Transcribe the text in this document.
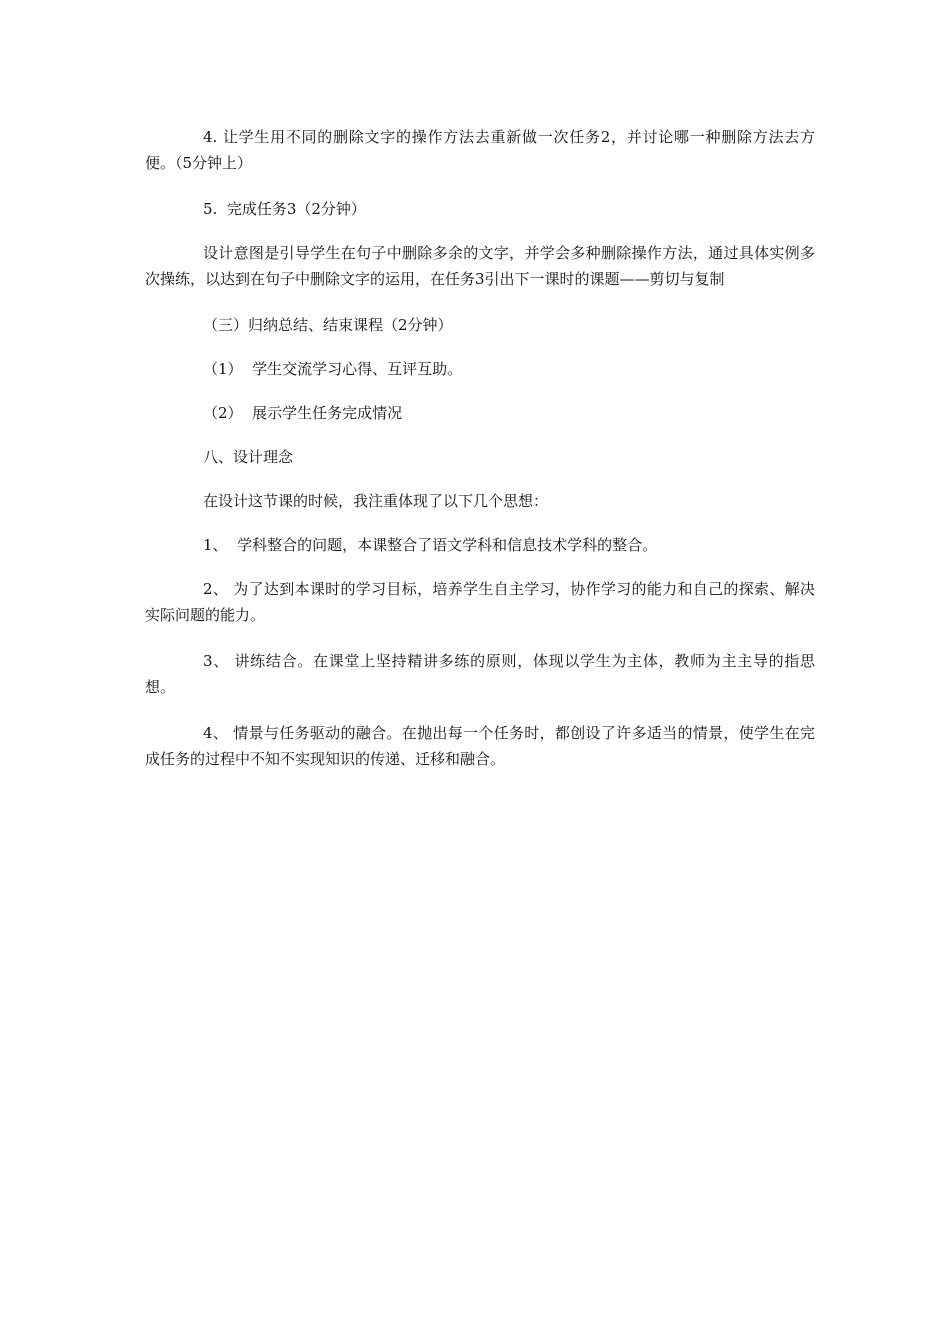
4. 让学生用不同的删除文字的操作方法去重新做一次任务2，并讨论哪一种删除方法去方便。（5分钟上）

5.  完成任务3（2分钟）

设计意图是引导学生在句子中删除多余的文字，并学会多种删除操作方法，通过具体实例多次操练，以达到在句子中删除文字的运用，在任务3引出下一课时的课题——剪切与复制

（三）归纳总结、结束课程（2分钟）

（1）  学生交流学习心得、互评互助。

（2）  展示学生任务完成情况

八、设计理念

在设计这节课的时候，我注重体现了以下几个思想：

1、  学科整合的问题，本课整合了语文学科和信息技术学科的整合。

2、 为了达到本课时的学习目标，培养学生自主学习，协作学习的能力和自己的探索、解决实际问题的能力。

3、 讲练结合。在课堂上坚持精讲多练的原则，体现以学生为主体，教师为主主导的指思想。

4、 情景与任务驱动的融合。在抛出每一个任务时，都创设了许多适当的情景，使学生在完成任务的过程中不知不实现知识的传递、迁移和融合。
